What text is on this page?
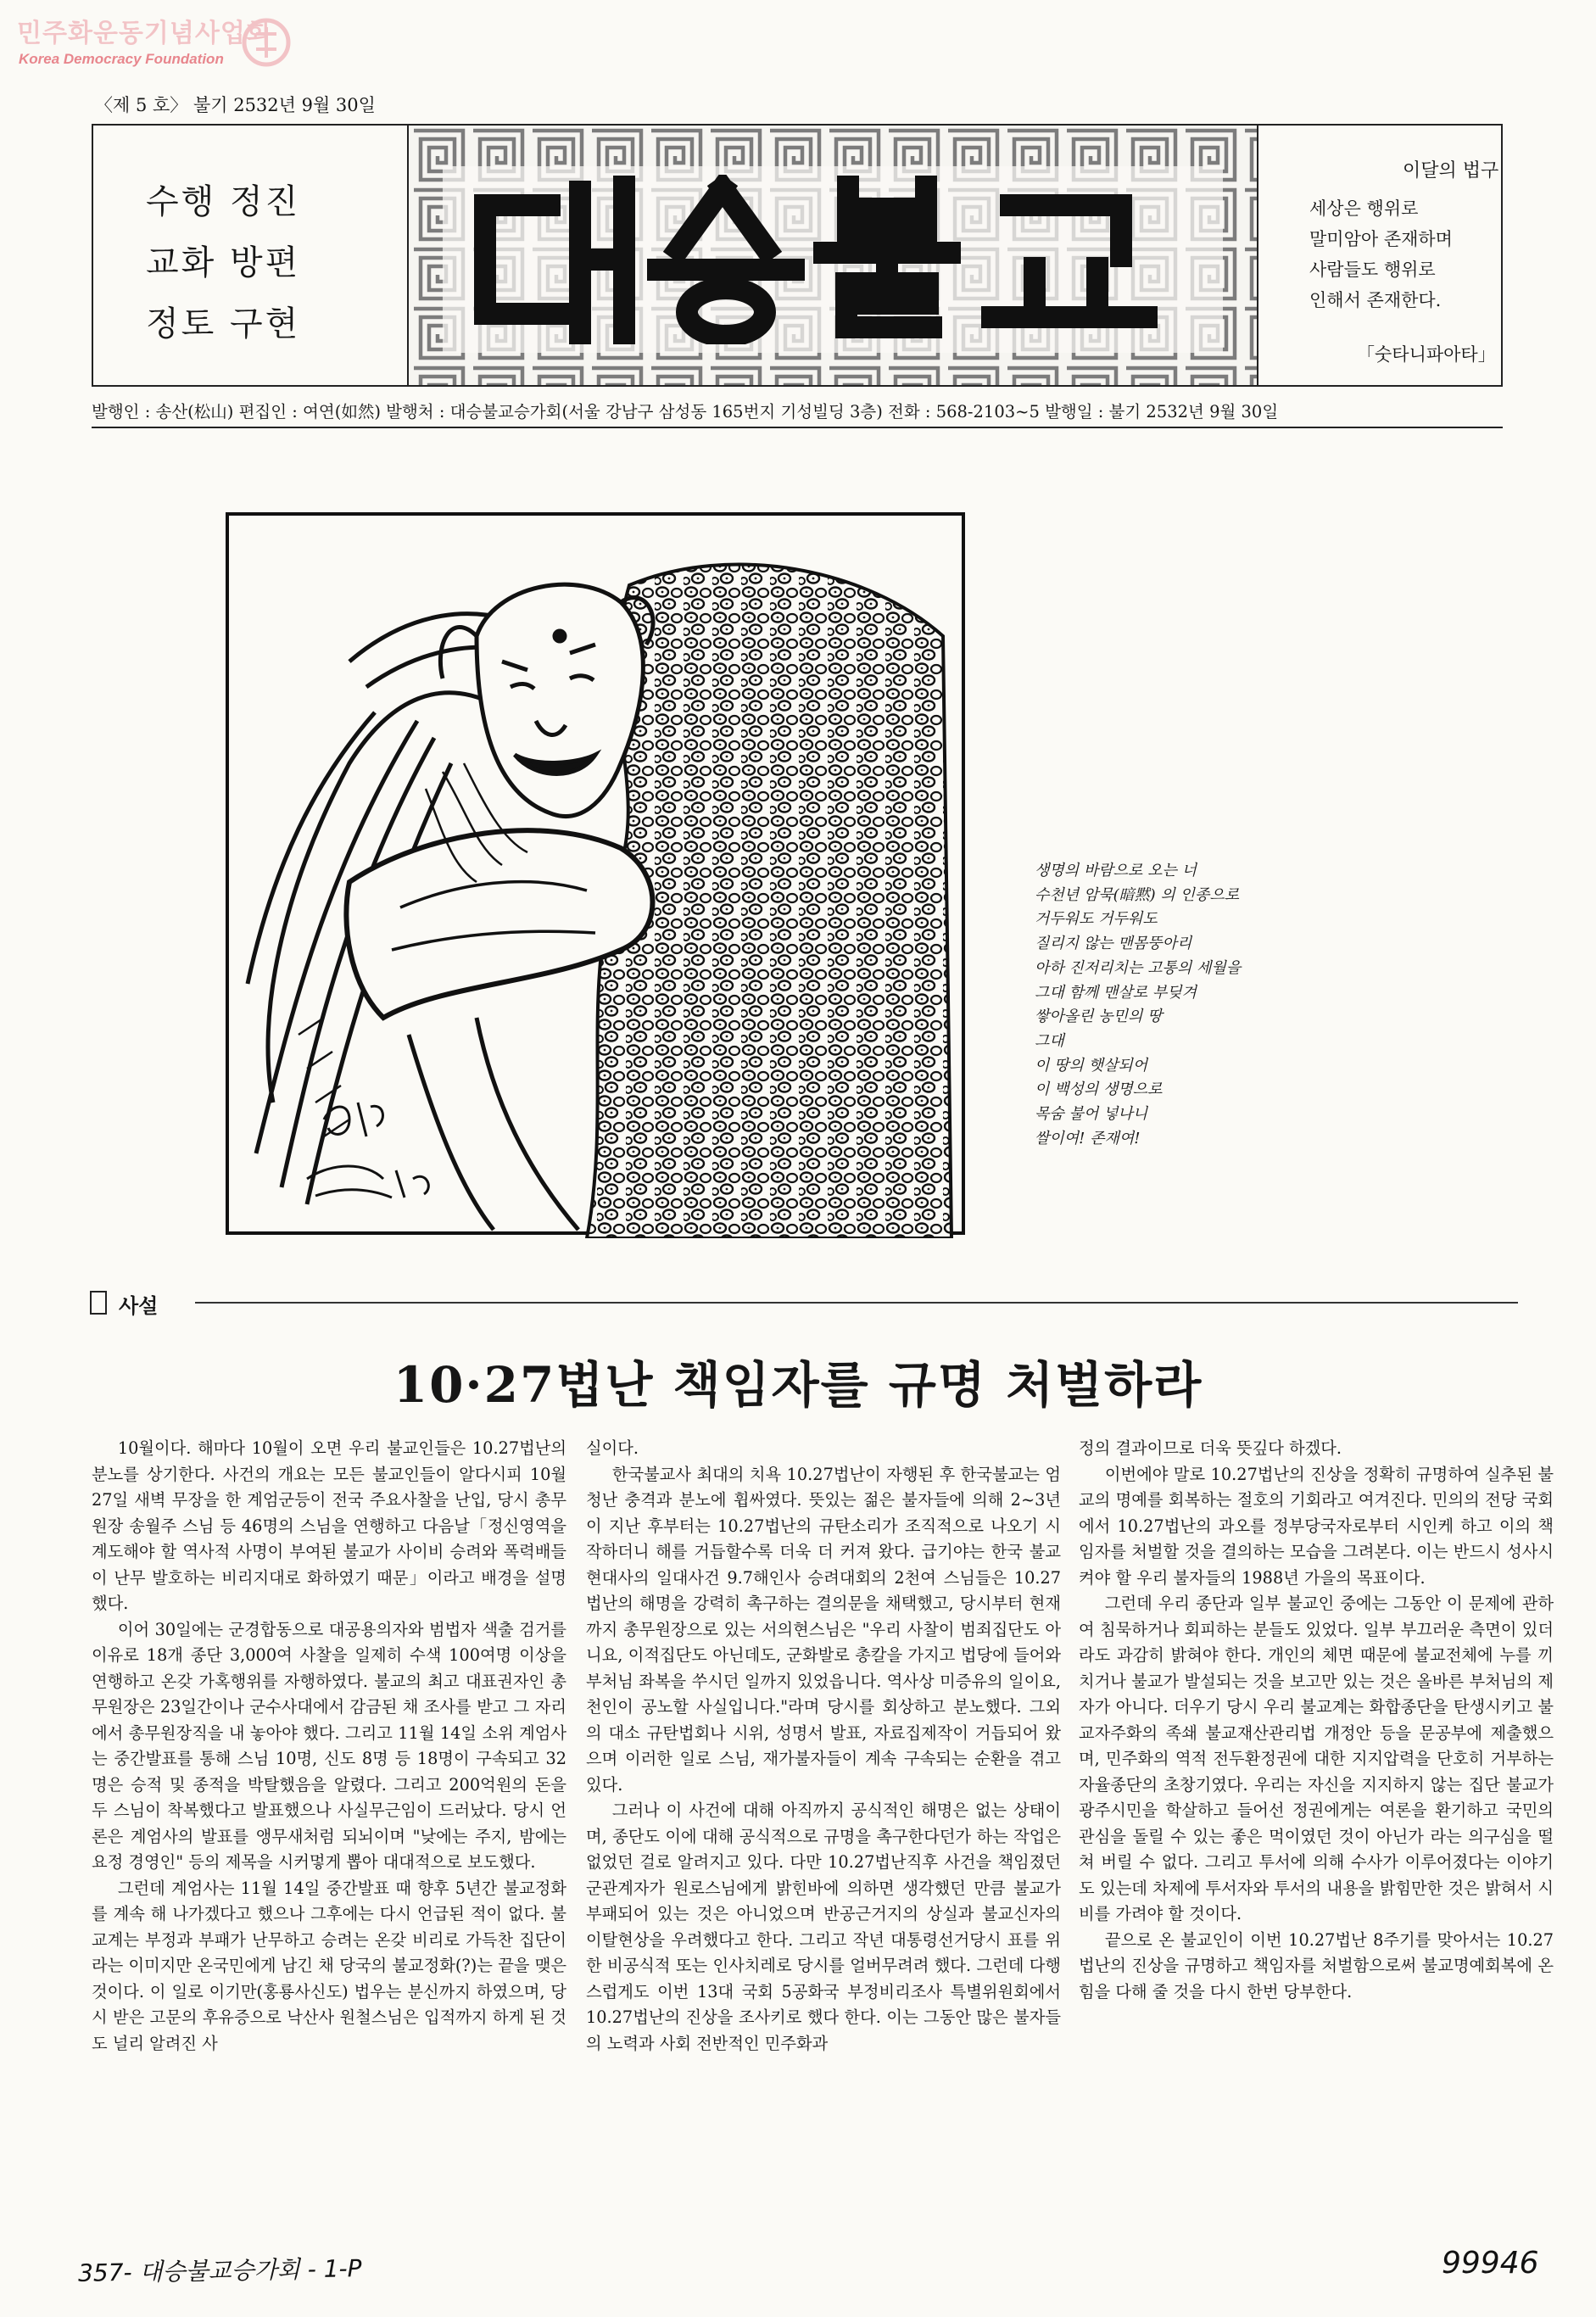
민주화운동기념사업회
Korea Democracy Foundation
〈제 5 호〉 불기 2532년 9월 30일
수행 정진
교화 방편
정토 구현
이달의 법구
세상은 행위로
말미암아 존재하며
사람들도 행위로
인해서 존재한다.
「숫타니파아타」
발행인 : 송산(松山) 편집인 : 여연(如然) 발행처 : 대승불교승가회(서울 강남구 삼성동 165번지 기성빌딩 3층) 전화 : 568-2103~5 발행일 : 불기 2532년 9월 30일
생명의 바람으로 오는 너
수천년 암묵(暗黙) 의 인종으로
거두워도 거두워도
질리지 않는 맨몸뚱아리
아하 진저리치는 고통의 세월을
그대 함께 맨살로 부딪겨
쌓아올린 농민의 땅
그대
이 땅의 햇살되어
이 백성의 생명으로
목숨 불어 넣나니
쌀이여! 존재여!
사설
10·27법난 책임자를 규명 처벌하라

10월이다. 해마다 10월이 오면 우리 불교인들은 10.27법난의 분노를 상기한다. 사건의 개요는 모든 불교인들이 알다시피 10월 27일 새벽 무장을 한 계엄군등이 전국 주요사찰을 난입, 당시 총무원장 송월주 스님 등 46명의 스님을 연행하고 다음날「정신영역을 계도해야 할 역사적 사명이 부여된 불교가 사이비 승려와 폭력배들이 난무 발호하는 비리지대로 화하였기 때문」이라고 배경을 설명했다.

이어 30일에는 군경합동으로 대공용의자와 범법자 색출 검거를 이유로 18개 종단 3,000여 사찰을 일제히 수색 100여명 이상을 연행하고 온갖 가혹행위를 자행하였다. 불교의 최고 대표권자인 총무원장은 23일간이나 군수사대에서 감금된 채 조사를 받고 그 자리에서 총무원장직을 내 놓아야 했다. 그리고 11월 14일 소위 계엄사는 중간발표를 통해 스님 10명, 신도 8명 등 18명이 구속되고 32명은 승적 및 종적을 박탈했음을 알렸다. 그리고 200억원의 돈을 두 스님이 착복했다고 발표했으나 사실무근임이 드러났다. 당시 언론은 계엄사의 발표를 앵무새처럼 되뇌이며 "낮에는 주지, 밤에는 요정 경영인" 등의 제목을 시커멓게 뽑아 대대적으로 보도했다.

그런데 계엄사는 11월 14일 중간발표 때 향후 5년간 불교정화를 계속 해 나가겠다고 했으나 그후에는 다시 언급된 적이 없다. 불교계는 부정과 부패가 난무하고 승려는 온갖 비리로 가득찬 집단이라는 이미지만 온국민에게 남긴 채 당국의 불교정화(?)는 끝을 맺은 것이다. 이 일로 이기만(홍룡사신도) 법우는 분신까지 하였으며, 당시 받은 고문의 후유증으로 낙산사 원철스님은 입적까지 하게 된 것도 널리 알려진 사

실이다.

한국불교사 최대의 치욕 10.27법난이 자행된 후 한국불교는 엄청난 충격과 분노에 휩싸였다. 뜻있는 젊은 불자들에 의해 2~3년이 지난 후부터는 10.27법난의 규탄소리가 조직적으로 나오기 시작하더니 해를 거듭할수록 더욱 더 커져 왔다. 급기야는 한국 불교 현대사의 일대사건 9.7해인사 승려대회의 2천여 스님들은 10.27법난의 해명을 강력히 촉구하는 결의문을 채택했고, 당시부터 현재까지 총무원장으로 있는 서의현스님은 "우리 사찰이 범죄집단도 아니요, 이적집단도 아닌데도, 군화발로 총칼을 가지고 법당에 들어와 부처님 좌복을 쑤시던 일까지 있었읍니다. 역사상 미증유의 일이요, 천인이 공노할 사실입니다."라며 당시를 회상하고 분노했다. 그외의 대소 규탄법회나 시위, 성명서 발표, 자료집제작이 거듭되어 왔으며 이러한 일로 스님, 재가불자들이 계속 구속되는 순환을 겪고 있다.

그러나 이 사건에 대해 아직까지 공식적인 해명은 없는 상태이며, 종단도 이에 대해 공식적으로 규명을 촉구한다던가 하는 작업은 없었던 걸로 알려지고 있다. 다만 10.27법난직후 사건을 책임졌던 군관계자가 원로스님에게 밝힌바에 의하면 생각했던 만큼 불교가 부패되어 있는 것은 아니었으며 반공근거지의 상실과 불교신자의 이탈현상을 우려했다고 한다. 그리고 작년 대통령선거당시 표를 위한 비공식적 또는 인사치레로 당시를 얼버무려려 했다. 그런데 다행스럽게도 이번 13대 국회 5공화국 부정비리조사 특별위원회에서 10.27법난의 진상을 조사키로 했다 한다. 이는 그동안 많은 불자들의 노력과 사회 전반적인 민주화과

정의 결과이므로 더욱 뜻깊다 하겠다.

이번에야 말로 10.27법난의 진상을 정확히 규명하여 실추된 불교의 명예를 회복하는 절호의 기회라고 여겨진다. 민의의 전당 국회에서 10.27법난의 과오를 정부당국자로부터 시인케 하고 이의 책임자를 처벌할 것을 결의하는 모습을 그려본다. 이는 반드시 성사시켜야 할 우리 불자들의 1988년 가을의 목표이다.

그런데 우리 종단과 일부 불교인 중에는 그동안 이 문제에 관하여 침묵하거나 회피하는 분들도 있었다. 일부 부끄러운 측면이 있더라도 과감히 밝혀야 한다. 개인의 체면 때문에 불교전체에 누를 끼치거나 불교가 발설되는 것을 보고만 있는 것은 올바른 부처님의 제자가 아니다. 더우기 당시 우리 불교계는 화합종단을 탄생시키고 불교자주화의 족쇄 불교재산관리법 개정안 등을 문공부에 제출했으며, 민주화의 역적 전두환정권에 대한 지지압력을 단호히 거부하는 자율종단의 초창기였다. 우리는 자신을 지지하지 않는 집단 불교가 광주시민을 학살하고 들어선 정권에게는 여론을 환기하고 국민의 관심을 돌릴 수 있는 좋은 먹이였던 것이 아닌가 라는 의구심을 떨쳐 버릴 수 없다. 그리고 투서에 의해 수사가 이루어졌다는 이야기도 있는데 차제에 투서자와 투서의 내용을 밝힘만한 것은 밝혀서 시비를 가려야 할 것이다.

끝으로 온 불교인이 이번 10.27법난 8주기를 맞아서는 10.27법난의 진상을 규명하고 책임자를 처벌함으로써 불교명예회복에 온 힘을 다해 줄 것을 다시 한번 당부한다.

357- 대승불교승가회 - 1-P	99946
